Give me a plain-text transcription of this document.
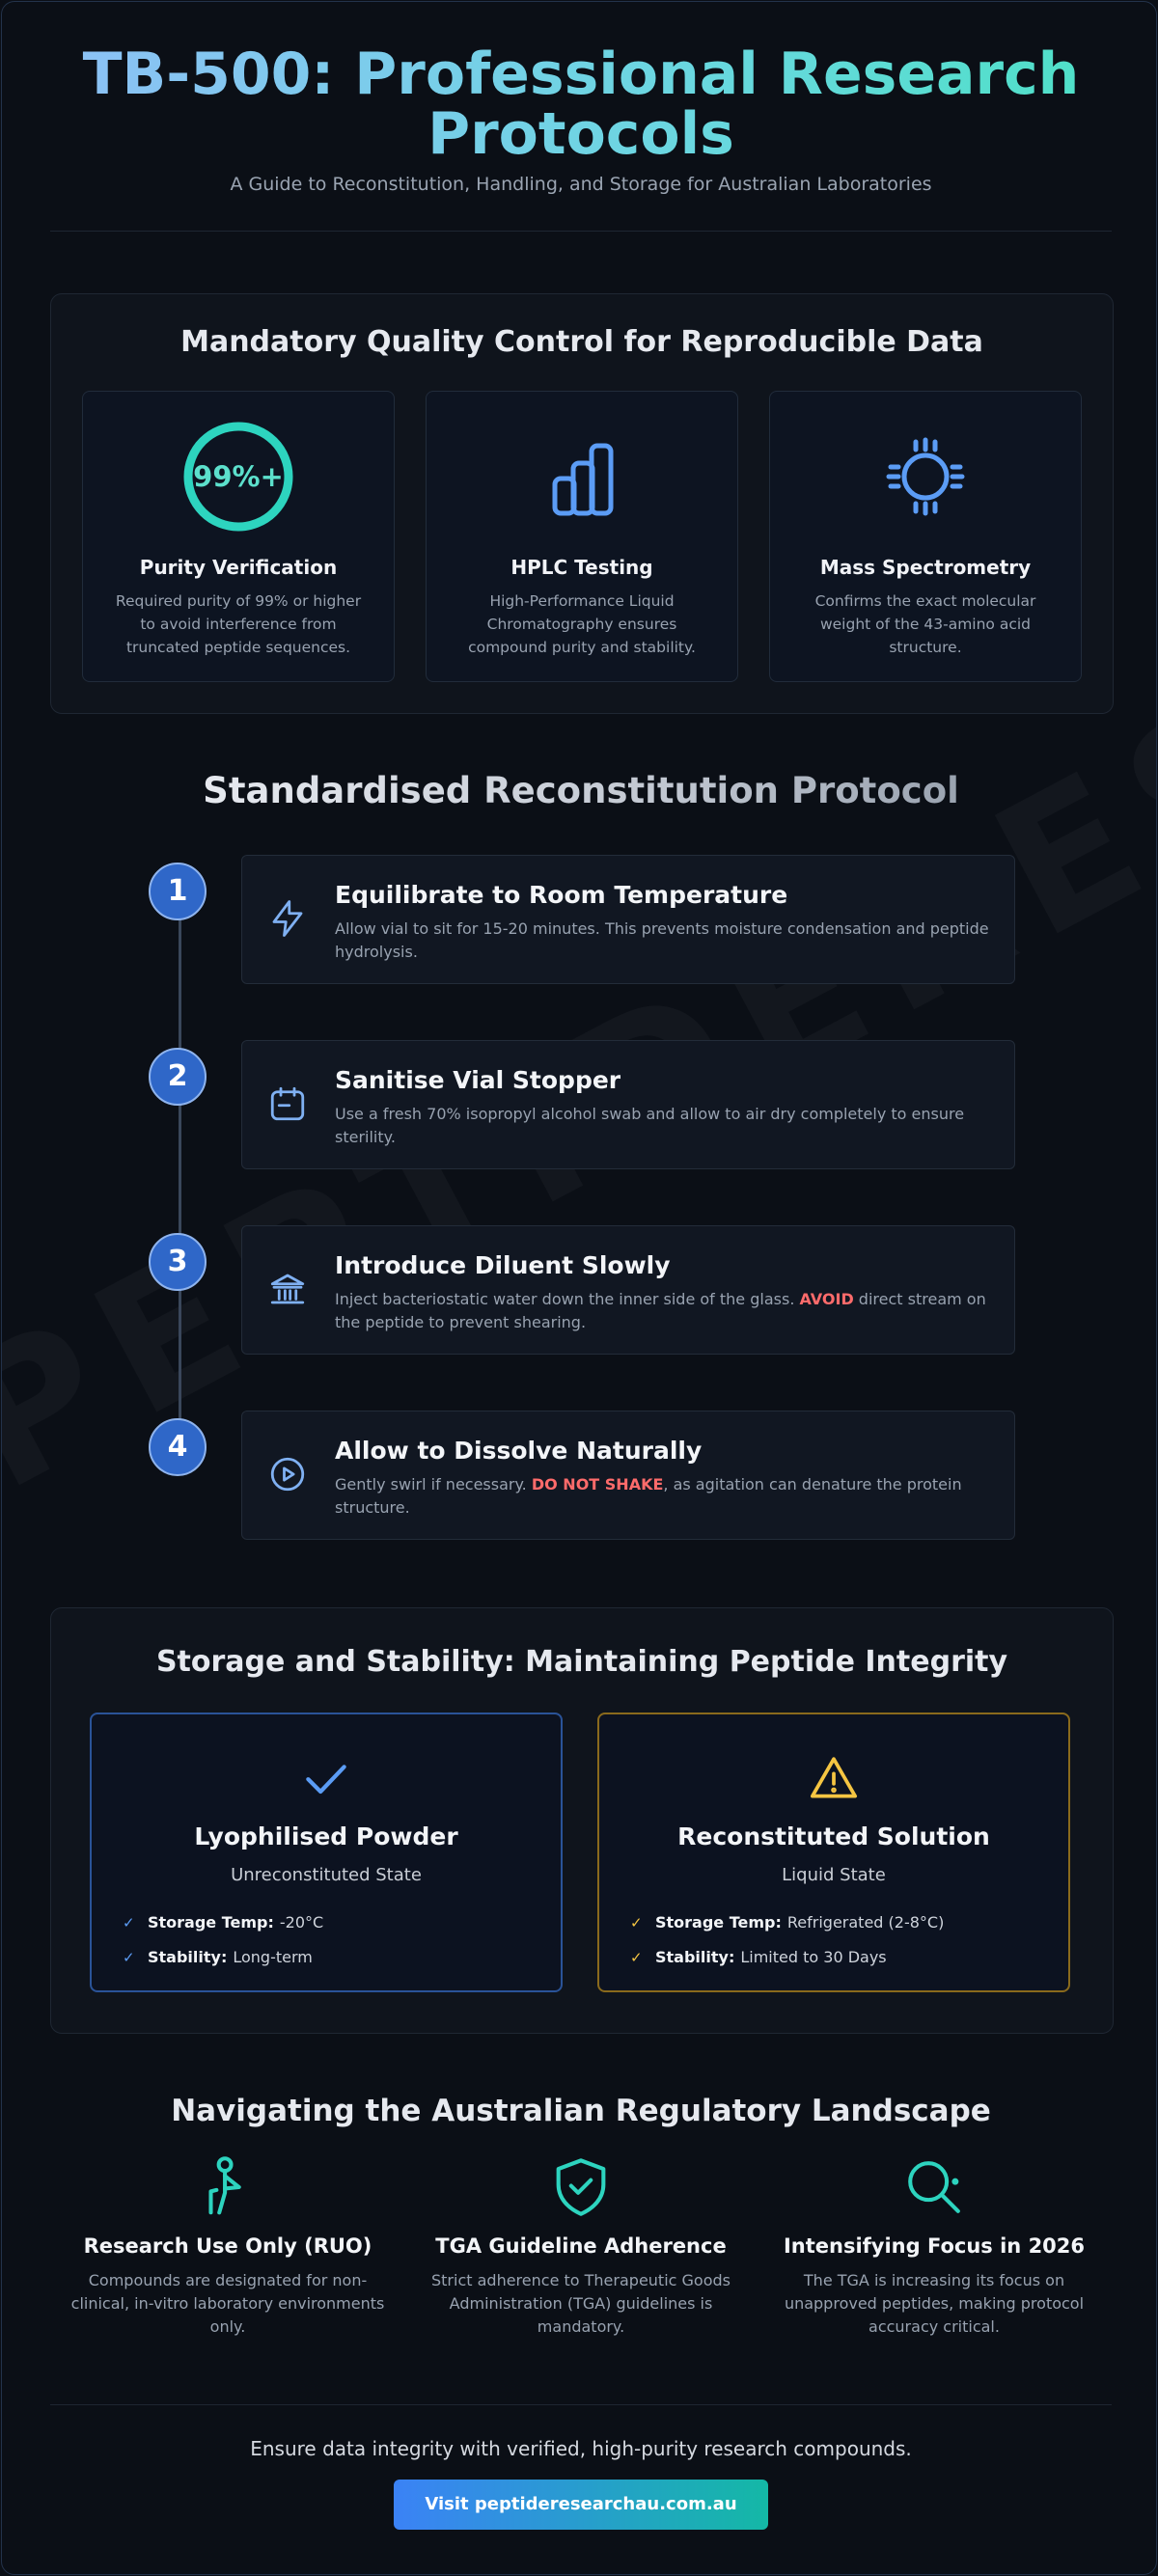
TB-500: Professional Research Protocols
A Guide to Reconstitution, Handling, and Storage for Australian Laboratories
Mandatory Quality Control for Reproducible Data
99%+
Purity Verification
Required purity of 99% or higher to avoid interference from truncated peptide sequences.
HPLC Testing
High-Performance Liquid Chromatography ensures compound purity and stability.
Mass Spectrometry
Confirms the exact molecular weight of the 43-amino acid structure.
Standardised Reconstitution Protocol
1	Equilibrate to Room Temperature
Allow vial to sit for 15-20 minutes. This prevents moisture condensation and peptide hydrolysis.
2	Sanitise Vial Stopper
Use a fresh 70% isopropyl alcohol swab and allow to air dry completely to ensure sterility.
3	Introduce Diluent Slowly
Inject bacteriostatic water down the inner side of the glass. AVOID direct stream on the peptide to prevent shearing.
4	Allow to Dissolve Naturally
Gently swirl if necessary. DO NOT SHAKE, as agitation can denature the protein structure.
Storage and Stability: Maintaining Peptide Integrity
Lyophilised Powder
Unreconstituted State
✓ Storage Temp: -20°C
✓ Stability: Long-term
Reconstituted Solution
Liquid State
✓ Storage Temp: Refrigerated (2-8°C)
✓ Stability: Limited to 30 Days
Navigating the Australian Regulatory Landscape
Research Use Only (RUO)
Compounds are designated for non-clinical, in-vitro laboratory environments only.
TGA Guideline Adherence
Strict adherence to Therapeutic Goods Administration (TGA) guidelines is mandatory.
Intensifying Focus in 2026
The TGA is increasing its focus on unapproved peptides, making protocol accuracy critical.
Ensure data integrity with verified, high-purity research compounds.
Visit peptideresearchau.com.au
